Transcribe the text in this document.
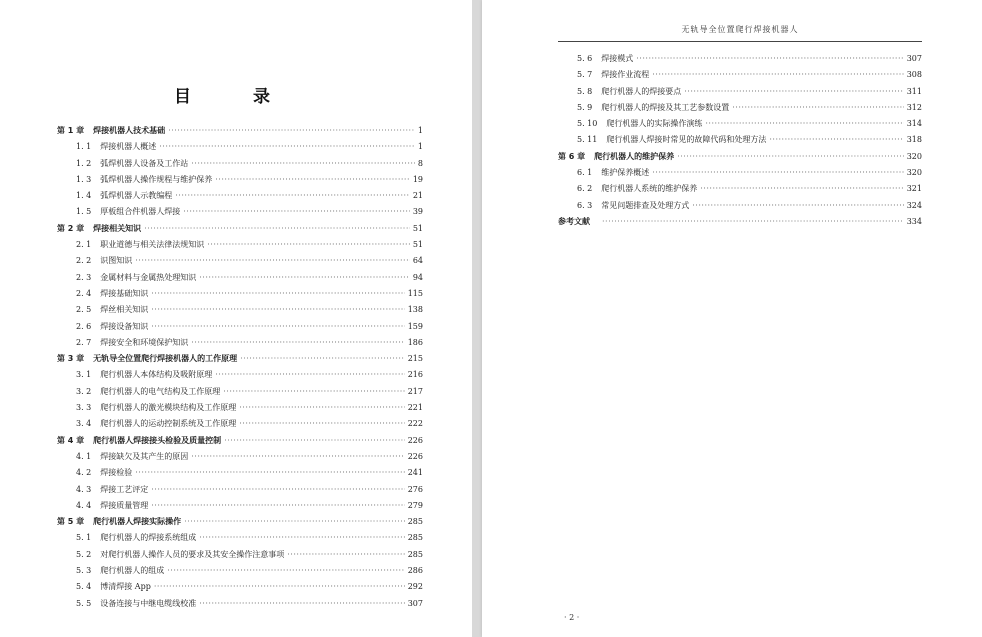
目 录
第 1 章	焊接机器人技术基础 ·····	1
1. 1	焊接机器人概述 ·····	1
1. 2	弧焊机器人设备及工作站 ·····	8
1. 3	弧焊机器人操作规程与维护保养 ·····	19
1. 4	弧焊机器人示教编程 ·····	21
1. 5	厚板组合件机器人焊接 ·····	39
第 2 章	焊接相关知识 ·····	51
2. 1	职业道德与相关法律法规知识 ·····	51
2. 2	识图知识 ·····	64
2. 3	金属材料与金属热处理知识 ·····	94
2. 4	焊接基础知识 ·····	115
2. 5	焊丝相关知识 ·····	138
2. 6	焊接设备知识 ·····	159
2. 7	焊接安全和环境保护知识 ·····	186
第 3 章	无轨导全位置爬行焊接机器人的工作原理 ·····	215
3. 1	爬行机器人本体结构及吸附原理 ·····	216
3. 2	爬行机器人的电气结构及工作原理 ·····	217
3. 3	爬行机器人的激光模块结构及工作原理 ·····	221
3. 4	爬行机器人的运动控制系统及工作原理 ·····	222
第 4 章	爬行机器人焊接接头检验及质量控制 ·····	226
4. 1	焊接缺欠及其产生的原因 ·····	226
4. 2	焊接检验 ·····	241
4. 3	焊接工艺评定 ·····	276
4. 4	焊接质量管理 ·····	279
第 5 章	爬行机器人焊接实际操作 ·····	285
5. 1	爬行机器人的焊接系统组成 ·····	285
5. 2	对爬行机器人操作人员的要求及其安全操作注意事项 ·····	285
5. 3	爬行机器人的组成 ·····	286
5. 4	博清焊接 App ·····	292
5. 5	设备连接与中继电缆线校准 ·····	307
无轨导全位置爬行焊接机器人
5. 6	焊接模式 ·····	307
5. 7	焊接作业流程 ·····	308
5. 8	爬行机器人的焊接要点 ·····	311
5. 9	爬行机器人的焊接及其工艺参数设置 ·····	312
5. 10	爬行机器人的实际操作演练 ·····	314
5. 11	爬行机器人焊接时常见的故障代码和处理方法 ·····	318
第 6 章	爬行机器人的维护保养 ·····	320
6. 1	维护保养概述 ·····	320
6. 2	爬行机器人系统的维护保养 ·····	321
6. 3	常见问题排查及处理方式 ·····	324
参考文献 ·····	334
· 2 ·
